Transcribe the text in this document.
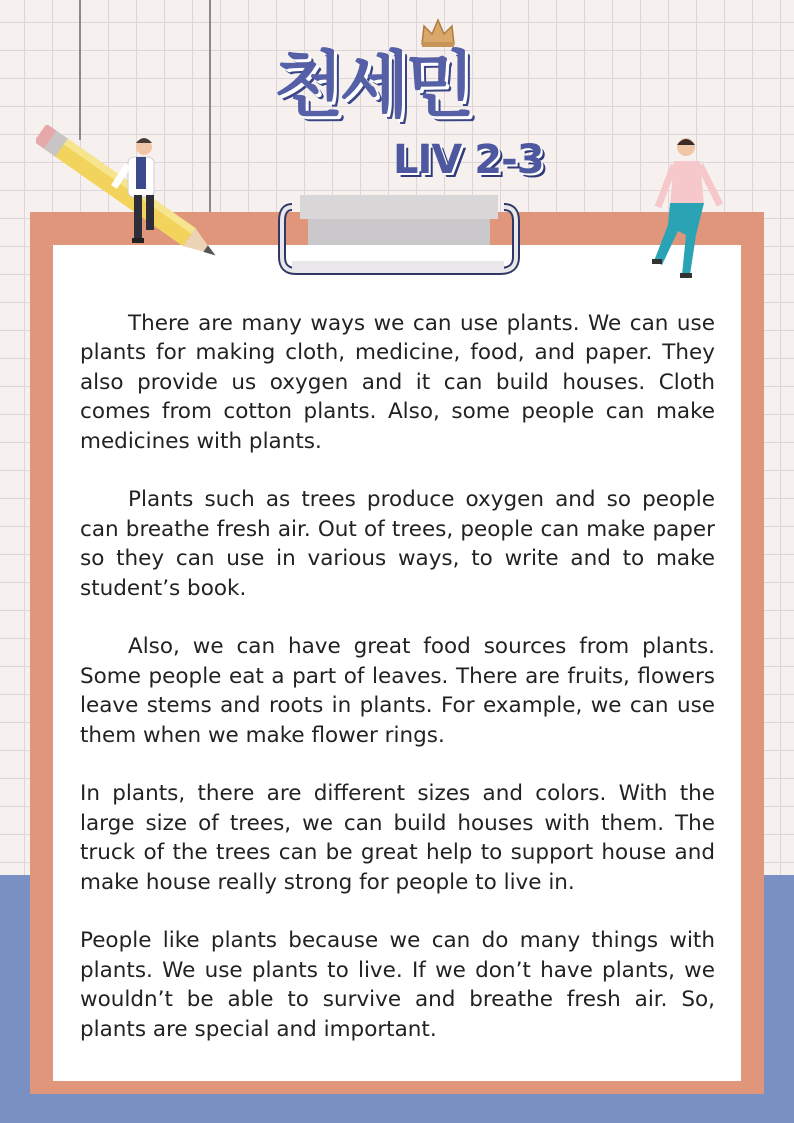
천세민
LIV 2-3

There are many ways we can use plants. We can use plants for making cloth, medicine, food, and paper. They also provide us oxygen and it can build houses. Cloth comes from cotton plants. Also, some people can make medicines with plants.

Plants such as trees produce oxygen and so people can breathe fresh air. Out of trees, people can make paper so they can use in various ways, to write and to make student’s book.

Also, we can have great food sources from plants. Some people eat a part of leaves. There are fruits, flowers leave stems and roots in plants. For example, we can use them when we make flower rings.

In plants, there are different sizes and colors. With the large size of trees, we can build houses with them. The truck of the trees can be great help to support house and make house really strong for people to live in.

People like plants because we can do many things with plants. We use plants to live. If we don’t have plants, we wouldn’t be able to survive and breathe fresh air. So, plants are special and important.
